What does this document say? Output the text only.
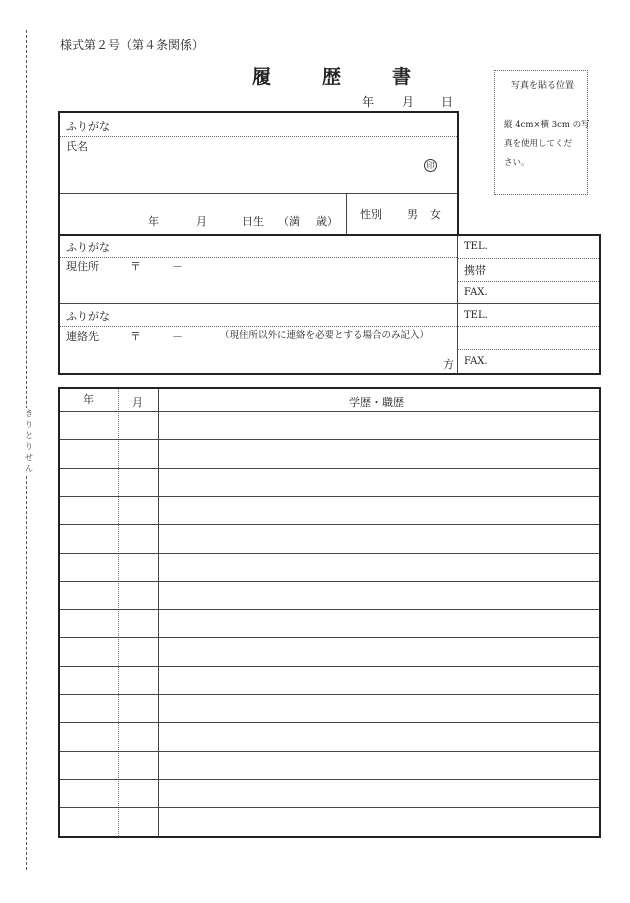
きりとりせん
様式第２号（第４条関係）
履	歴	書
年 月 日
写真を貼る位置
縦 4cm×横 3cm の写
真を使用してくだ
さい。
ふりがな
氏名
印
年	月	日生 （満 歳）
性別 男 女
ふりがな
現住所	〒	－
TEL.
携帯
FAX.
ふりがな
連絡先	〒	－	（現住所以外に連絡を必要とする場合のみ記入）
方
TEL.
FAX.
年	月	学歴・職歴
